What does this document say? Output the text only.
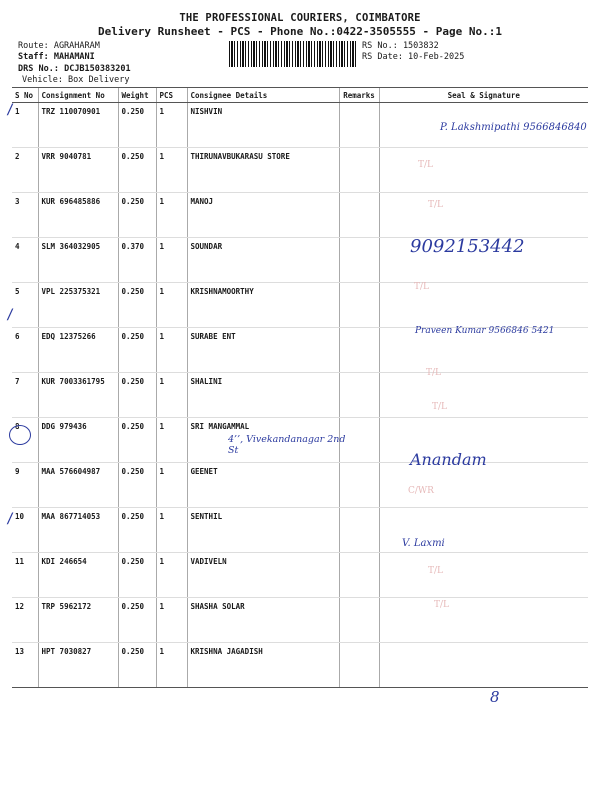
THE PROFESSIONAL COURIERS, COIMBATORE
Delivery Runsheet - PCS - Phone No.:0422-3505555 - Page No.:1
Route: AGRAHARAM
Staff: MAHAMANI
DRS No.: DCJB150383201
Vehicle: Box Delivery
RS No.: 1503832
RS Date: 10-Feb-2025
S No	Consignment No	Weight	PCS	Consignee Details	Remarks	Seal & Signature
1	TRZ 110070901	0.250	1	NISHVIN		
2	VRR 9040781	0.250	1	THIRUNAVBUKARASU STORE		
3	KUR 696485886	0.250	1	MANOJ		
4	SLM 364032905	0.370	1	SOUNDAR		
5	VPL 225375321	0.250	1	KRISHNAMOORTHY		
6	EDQ 12375266	0.250	1	SURABE ENT		
7	KUR 7003361795	0.250	1	SHALINI		
8	DDG 979436	0.250	1	SRI MANGAMMAL		
9	MAA 576604987	0.250	1	GEENET		
10	MAA 867714053	0.250	1	SENTHIL		
11	KDI 246654	0.250	1	VADIVELN		
12	TRP 5962172	0.250	1	SHASHA SOLAR		
13	HPT 7030827	0.250	1	KRISHNA JAGADISH		
P. Lakshmipathi 9566846840
T/L
T/L
9092153442
T/L
Praveen Kumar 9566846 5421
T/L
T/L
4’’, Vivekandanagar 2nd St	Anandam
C/WR
V. Laxmi
T/L
T/L
/
/
/
8
